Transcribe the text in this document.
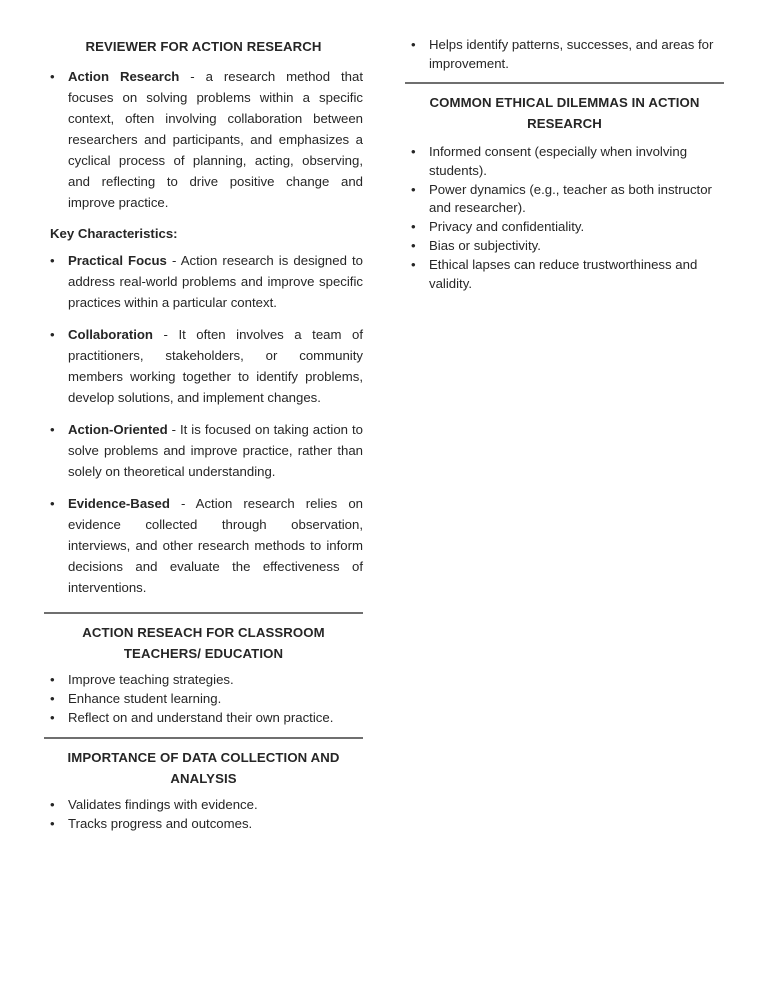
REVIEWER FOR ACTION RESEARCH
• Action Research - a research method that focuses on solving problems within a specific context, often involving collaboration between researchers and participants, and emphasizes a cyclical process of planning, acting, observing, and reflecting to drive positive change and improve practice.
Key Characteristics:
• Practical Focus - Action research is designed to address real-world problems and improve specific practices within a particular context.
• Collaboration - It often involves a team of practitioners, stakeholders, or community members working together to identify problems, develop solutions, and implement changes.
• Action-Oriented - It is focused on taking action to solve problems and improve practice, rather than solely on theoretical understanding.
• Evidence-Based - Action research relies on evidence collected through observation, interviews, and other research methods to inform decisions and evaluate the effectiveness of interventions.
ACTION RESEACH FOR CLASSROOM TEACHERS/ EDUCATION
• Improve teaching strategies.
• Enhance student learning.
• Reflect on and understand their own practice.
IMPORTANCE OF DATA COLLECTION AND ANALYSIS
• Validates findings with evidence.
• Tracks progress and outcomes.
• Helps identify patterns, successes, and areas for improvement.
COMMON ETHICAL DILEMMAS IN ACTION RESEARCH
• Informed consent (especially when involving students).
• Power dynamics (e.g., teacher as both instructor and researcher).
• Privacy and confidentiality.
• Bias or subjectivity.
• Ethical lapses can reduce trustworthiness and validity.
